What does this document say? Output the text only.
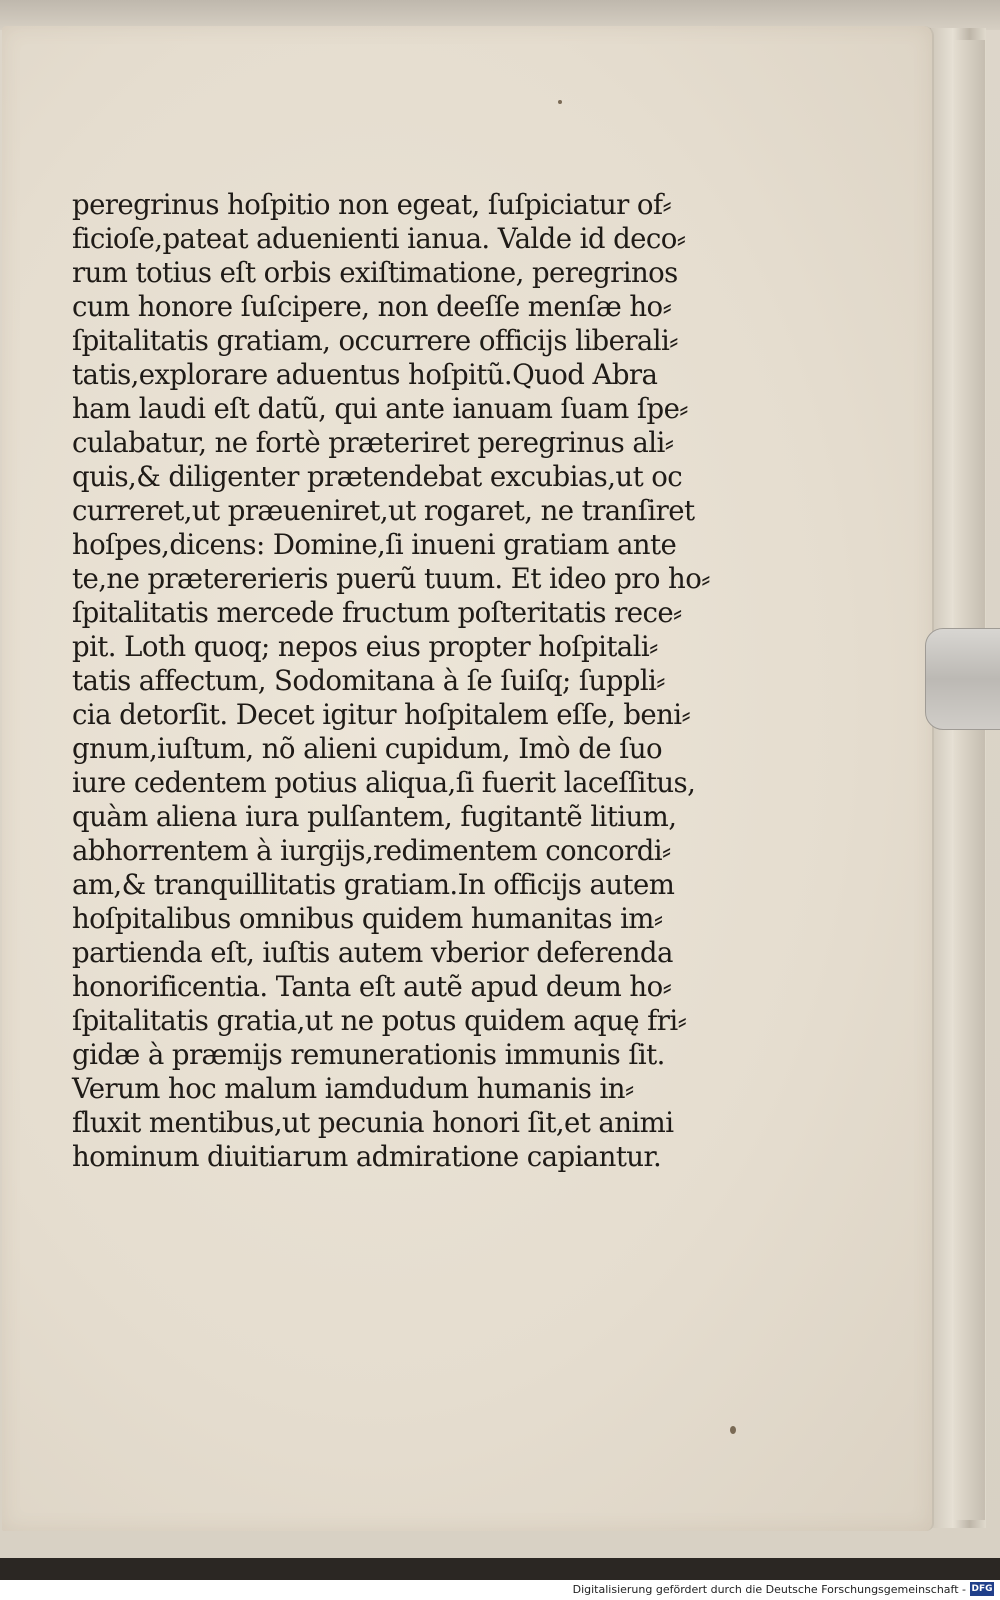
peregrinus hoſpitio non egeat, ſuſpiciatur of⸗
ficioſe,pateat aduenienti ianua. Valde id deco⸗
rum totius eſt orbis exiſtimatione, peregrinos
cum honore ſuſcipere, non deeſſe menſæ ho⸗
ſpitalitatis gratiam, occurrere officijs liberali⸗
tatis,explorare aduentus hoſpitũ.Quod Abra
ham laudi eſt datũ, qui ante ianuam ſuam ſpe⸗
culabatur, ne fortè præteriret peregrinus ali⸗
quis,& diligenter prætendebat excubias,ut oc
curreret,ut præueniret,ut rogaret, ne tranſiret
hoſpes,dicens: Domine,ſi inueni gratiam ante
te,ne prætererieris puerũ tuum. Et ideo pro ho⸗
ſpitalitatis mercede fructum poſteritatis rece⸗
pit. Loth quoq; nepos eius propter hoſpitali⸗
tatis affectum, Sodomitana à ſe ſuiſq; ſuppli⸗
cia detorſit. Decet igitur hoſpitalem eſſe, beni⸗
gnum,iuſtum, nõ alieni cupidum, Imò de ſuo
iure cedentem potius aliqua,ſi fuerit laceſſitus,
quàm aliena iura pulſantem, fugitantẽ litium,
abhorrentem à iurgijs,redimentem concordi⸗
am,& tranquillitatis gratiam.In officijs autem
hoſpitalibus omnibus quidem humanitas im⸗
partienda eſt, iuſtis autem vberior deferenda
honorificentia. Tanta eſt autẽ apud deum ho⸗
ſpitalitatis gratia,ut ne potus quidem aquę fri⸗
gidæ à præmijs remunerationis immunis ſit.
Verum hoc malum iamdudum humanis in⸗
fluxit mentibus,ut pecunia honori ſit,et animi
hominum diuitiarum admiratione capiantur.
Digitalisierung gefördert durch die Deutsche Forschungsgemeinschaft - DFG
